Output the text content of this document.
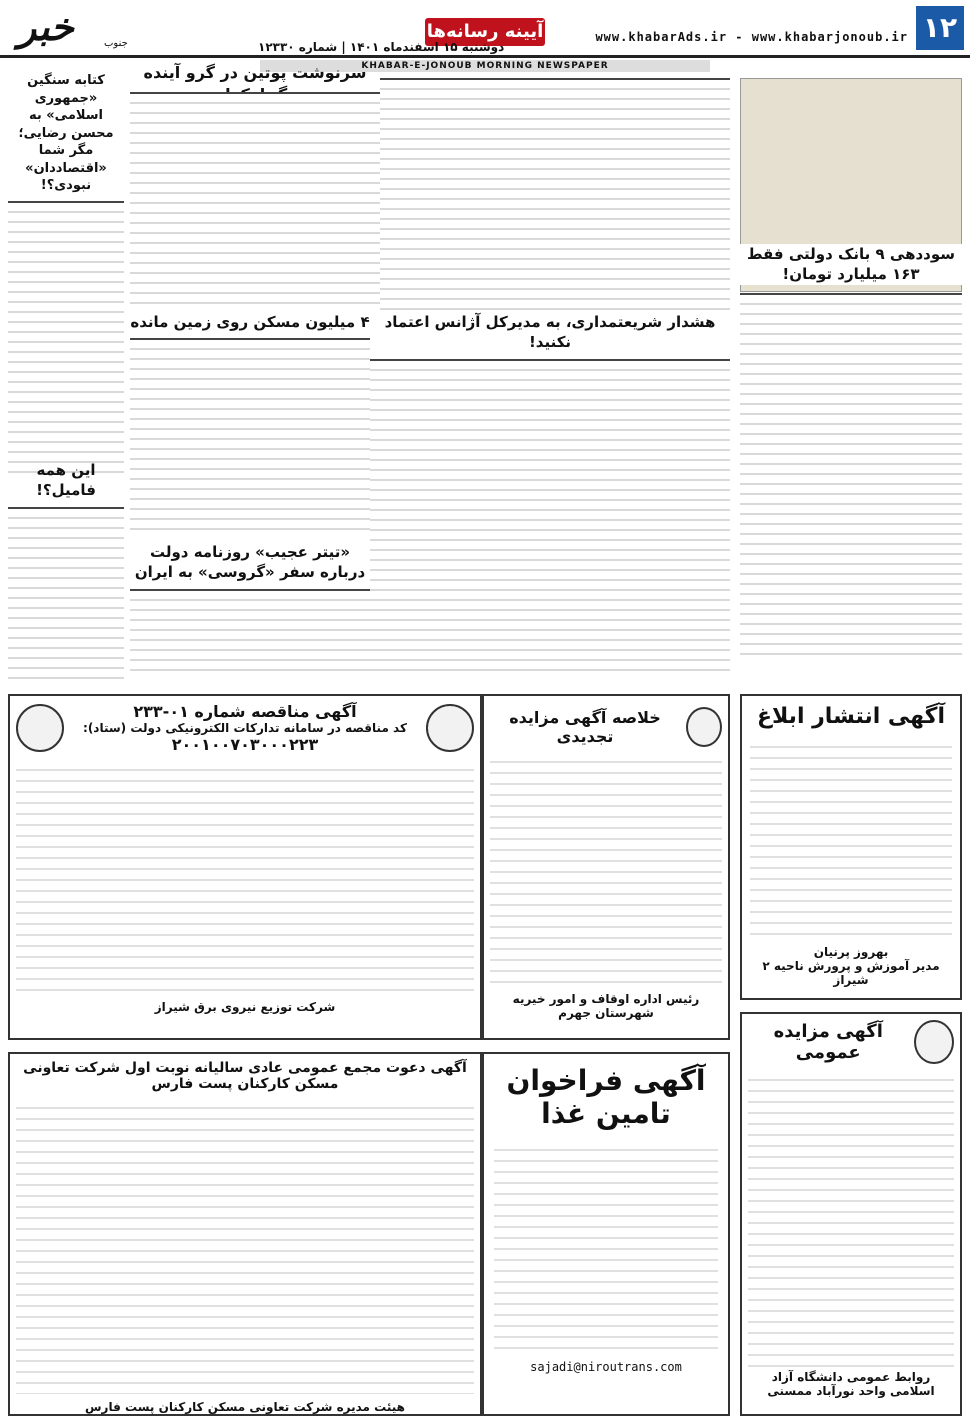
۱۲
www.khabarAds.ir - www.khabarjonoub.ir
آیینه رسانه‌ها
دوشنبه ۱۵ اسفندماه ۱۴۰۱ | شماره ۱۲۳۳۰
خبر	جنوب
KHABAR-E-JONOUB MORNING NEWSPAPER
سوددهی ۹ بانک دولتی فقط ۱۶۳ میلیارد تومان!
سرنوشت پوتین در گرو آینده
هشدار شریعتمداری، به مدیرکل آژانس اعتماد نکنید!
۴ میلیون مسکن روی زمین مانده
«تیتر عجیب» روزنامه دولت درباره سفر «گروسی» به ایران
کتابه سنگین «جمهوری اسلامی» به محسن رضایی؛ مگر شما «اقتصاددان» نبودی؟!
این همه فامیل؟!
آگهی انتشار ابلاغ
بهروز پرنیان
مدیر آموزش و پرورش ناحیه ۲ شیراز
خلاصه آگهی مزایده تجدیدی
رئیس اداره اوقاف و امور خیریه شهرستان جهرم
آگهی مناقصه شماره ۰۱-۲۳۳
کد مناقصه در سامانه تدارکات الکترونیکی دولت (ستاد):
۲۰۰۱۰۰۷۰۳۰۰۰۲۲۳
شرکت توزیع نیروی برق شیراز
آگهی مزایده عمومی
روابط عمومی دانشگاه آزاد اسلامی واحد نورآباد ممسنی
آگهی فراخوان
تامین غذا
sajadi@niroutrans.com
آگهی دعوت مجمع عمومی عادی سالیانه نوبت اول شرکت تعاونی مسکن کارکنان پست فارس
هیئت مدیره شرکت تعاونی مسکن کارکنان پست فارس
